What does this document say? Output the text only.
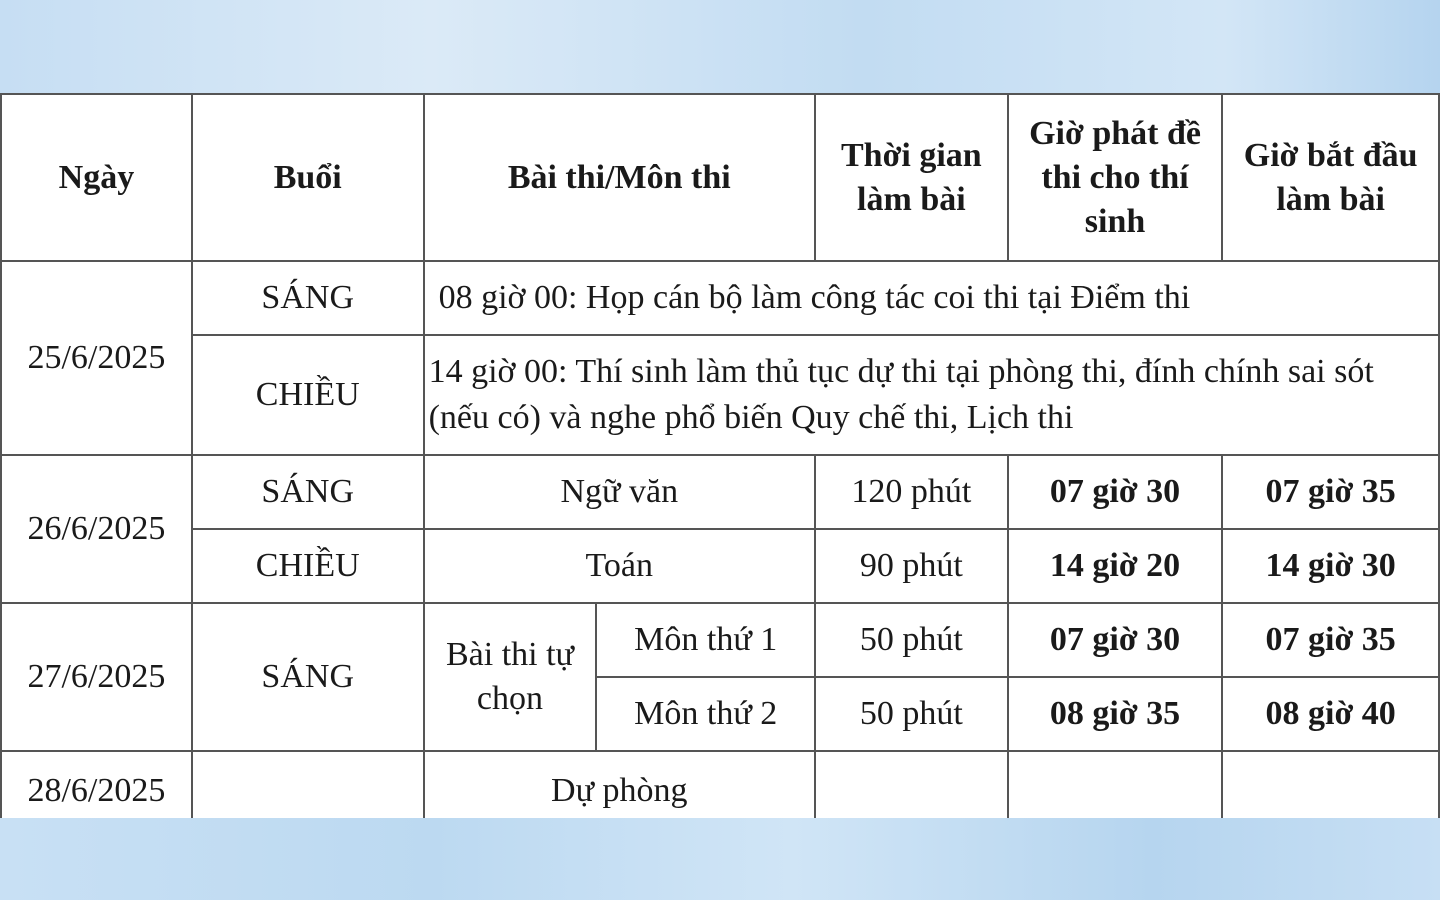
Ngày	Buổi	Bài thi/Môn thi		Thời gian làm bài	Giờ phát đề thi cho thí sinh	Giờ bắt đầu làm bài
25/6/2025	SÁNG	08 giờ 00: Họp cán bộ làm công tác coi thi tại Điểm thi				
	CHIỀU	14 giờ 00: Thí sinh làm thủ tục dự thi tại phòng thi, đính chính sai sót (nếu có) và nghe phổ biến Quy chế thi, Lịch thi				
26/6/2025	SÁNG	Ngữ văn		120 phút	07 giờ 30	07 giờ 35
	CHIỀU	Toán		90 phút	14 giờ 20	14 giờ 30
27/6/2025	SÁNG	Bài thi tự chọn	Môn thứ 1	50 phút	07 giờ 30	07 giờ 35
			Môn thứ 2	50 phút	08 giờ 35	08 giờ 40
28/6/2025		Dự phòng				
